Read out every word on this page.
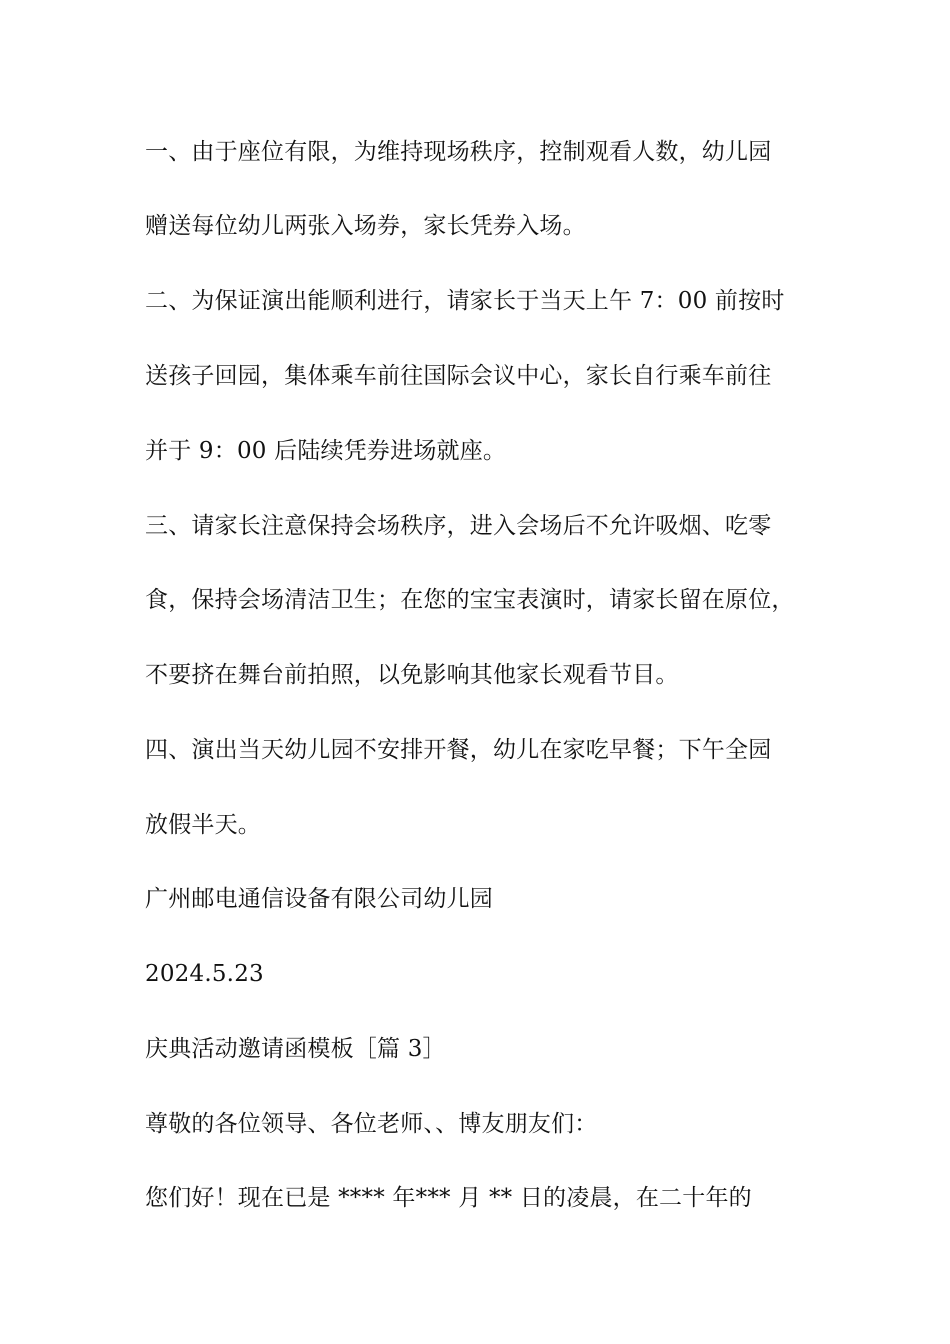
一、由于座位有限，为维持现场秩序，控制观看人数，幼儿园
赠送每位幼儿两张入场券，家长凭券入场。
二、为保证演出能顺利进行，请家长于当天上午 7：00 前按时
送孩子回园，集体乘车前往国际会议中心，家长自行乘车前往
并于 9：00 后陆续凭券进场就座。
三、请家长注意保持会场秩序，进入会场后不允许吸烟、吃零
食，保持会场清洁卫生；在您的宝宝表演时，请家长留在原位，
不要挤在舞台前拍照，以免影响其他家长观看节目。
四、演出当天幼儿园不安排开餐，幼儿在家吃早餐；下午全园
放假半天。
广州邮电通信设备有限公司幼儿园
2024.5.23
庆典活动邀请函模板［篇 3］
尊敬的各位领导、各位老师、、博友朋友们：
您们好！现在已是 **** 年*** 月 ** 日的凌晨，在二十年的
